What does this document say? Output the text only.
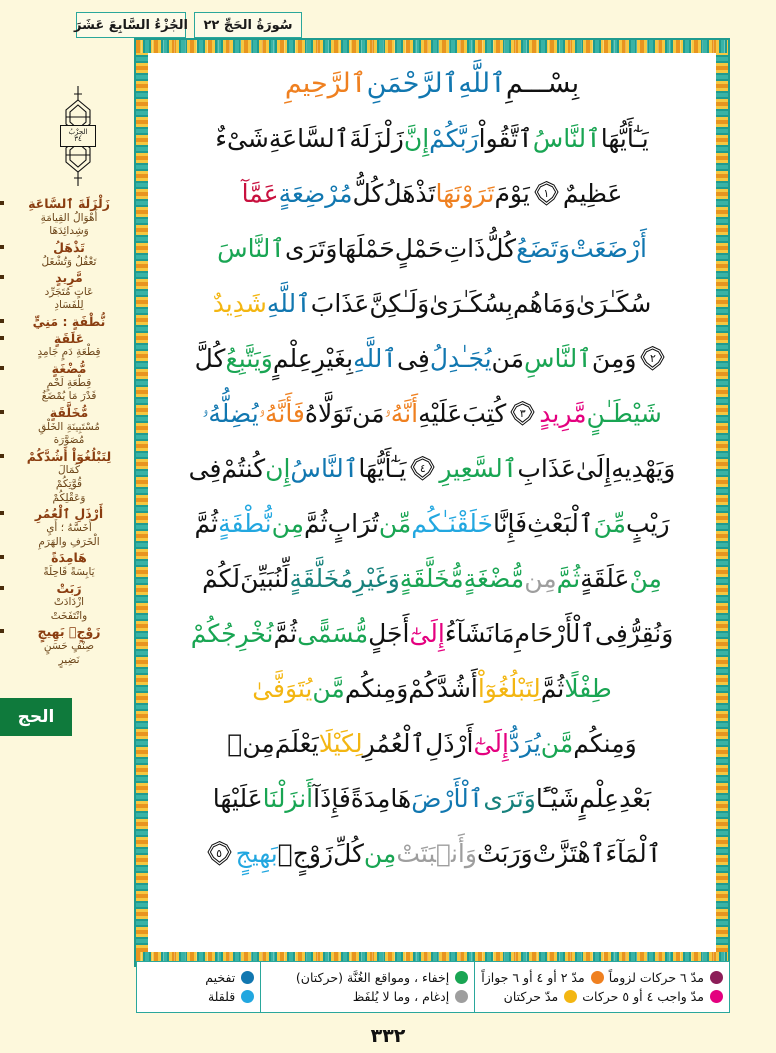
سُورَةُ الحَجِّ ٢٢
الجُزْءُ السَّابِعَ عَشَرَ
الحِزْبُ
٣٤
زَلْزَلَةَ ٱلسَّاعَةِ
أَهْوَالُ القِيامَةِ
وَشِدائِدَهَا
تَذْهَلُ
تَغْفُلُ وَتُشْغَلُ
مَّرِيدٍ
عَاتٍ مُتَجَرِّد
لِلفَسَادِ
نُّطْفَةٍ : مَنِيٍّ
عَلَقَةٍ
قِطْعَةِ دَمٍ جَامِدٍ
مُّضْغَةٍ
قِطْعَةِ لَحْمٍ
قَدْرَ مَا يُمْضَغُ
مُّخَلَّقَةٍ
مُسْتَبِينَةِ الخَلْقِ
مُصَوَّرَة
لِتَبْلُغُوٓاْ أَشُدَّكُمْ
كَمَالَ
قُوَّتِكُمْ
وَعَقْلِكُمْ
أَرْذَلِ ٱلْعُمُرِ
أَخَسَّهُ ؛ أَيِ
الْخَرَفِ والهَرَمِ
هَامِدَةً
يَابِسَةً قَاحِلَةً
رَبَتْ
ازْدَادَتْ
وانْتَفَخَتْ
زَوْجٍۭ بَهِيجٍ
صِنْفٍ حَسَنٍ
نَضِيرٍ
الحج
بِسْـــمِ
ٱللَّهِ
ٱلرَّحْمَنِ
ٱلرَّحِيمِ
يَـٰٓأَيُّهَا
ٱلنَّاسُ
ٱتَّقُواْ
رَبَّكُمْ
إِنَّ
زَلْزَلَةَ
ٱلسَّاعَةِ
شَىْءٌ
عَظِيمٌ
١
يَوْمَ
تَرَوْنَهَا
تَذْهَلُ
كُلُّ
مُرْضِعَةٍ
عَمَّآ
أَرْضَعَتْ
وَتَضَعُ
كُلُّ
ذَاتِ
حَمْلٍ
حَمْلَهَا
وَتَرَى
ٱلنَّاسَ
سُكَـٰرَىٰ
وَمَا
هُم
بِسُكَـٰرَىٰ
وَلَـٰكِنَّ
عَذَابَ
ٱللَّهِ
شَدِيدٌ
٢
وَمِنَ
ٱلنَّاسِ
مَن
يُجَـٰدِلُ
فِى
ٱللَّهِ
بِغَيْرِ
عِلْمٍ
وَيَتَّبِعُ
كُلَّ
شَيْطَـٰنٍ
مَّرِيدٍ
٣
كُتِبَ
عَلَيْهِ
أَنَّهُۥ
مَن
تَوَلَّاهُ
فَأَنَّهُۥ
يُضِلُّهُۥ
وَيَهْدِيهِ
إِلَىٰ
عَذَابِ
ٱلسَّعِيرِ
٤
يَـٰٓأَيُّهَا
ٱلنَّاسُ
إِن
كُنتُمْ
فِى
رَيْبٍ
مِّنَ
ٱلْبَعْثِ
فَإِنَّا
خَلَقْنَـٰكُم
مِّن
تُرَابٍ
ثُمَّ
مِن
نُّطْفَةٍ
ثُمَّ
مِنْ
عَلَقَةٍ
ثُمَّ
مِن
مُّضْغَةٍ
مُّخَلَّقَةٍ
وَغَيْرِ
مُخَلَّقَةٍ
لِّنُبَيِّنَ
لَكُمْ
وَنُقِرُّ
فِى
ٱلْأَرْحَامِ
مَا
نَشَآءُ
إِلَىٰٓ
أَجَلٍ
مُّسَمًّى
ثُمَّ
نُخْرِجُكُمْ
طِفْلًا
ثُمَّ
لِتَبْلُغُوٓاْ
أَشُدَّكُمْ
وَمِنكُم
مَّن
يُتَوَفَّىٰ
وَمِنكُم
مَّن
يُرَدُّ
إِلَىٰٓ
أَرْذَلِ
ٱلْعُمُرِ
لِكَيْلَا
يَعْلَمَ
مِنۢ
بَعْدِ
عِلْمٍ
شَيْـًٔا
وَتَرَى
ٱلْأَرْضَ
هَامِدَةً
فَإِذَآ
أَنزَلْنَا
عَلَيْهَا
ٱلْمَآءَ
ٱهْتَزَّتْ
وَرَبَتْ
وَأَنۢبَتَتْ
مِن
كُلِّ
زَوْجٍۭ
بَهِيجٍ
٥
مدّ ٦ حركات لزوماً
مدّ ٢ أو ٤ أو ٦ جوازاً
مدّ واجب ٤ أو ٥ حركات
مدّ حركتان
إخفاء ، ومواقع الغُنَّة (حركتان)
إدغام ، وما لا يُلفَظ
تفخيم
قلقلة
٣٣٢
